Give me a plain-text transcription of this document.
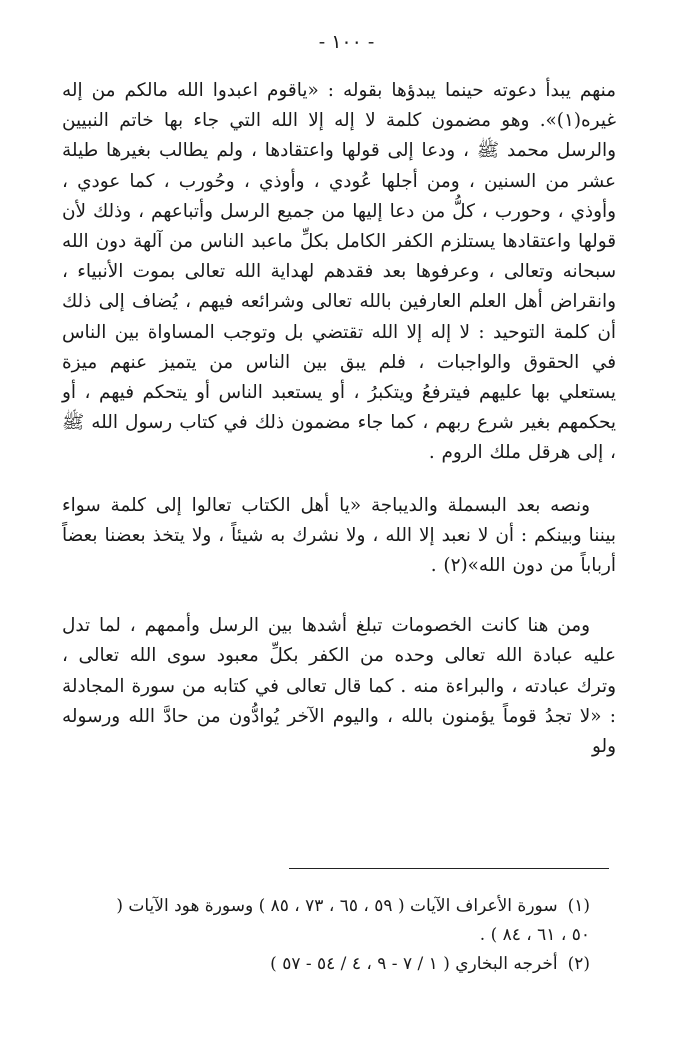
- ١٠٠ -

منهم يبدأ دعوته حينما يبدؤها بقوله : «ياقوم اعبدوا الله مالكم من إله غيره(١)». وهو مضمون كلمة لا إله إلا الله التي جاء بها خاتم النبيين والرسل محمد ﷺ ، ودعا إلى قولها واعتقادها ، ولم يطالب بغيرها طيلة عشر من السنين ، ومن أجلها عُودي ، وأوذي ، وحُورب ، كما عودي ، وأوذي ، وحورب ، كلُّ من دعا إليها من جميع الرسل وأتباعهم ، وذلك لأن قولها واعتقادها يستلزم الكفر الكامل بكلِّ ماعبد الناس من آلهة دون الله سبحانه وتعالى ، وعرفوها بعد فقدهم لهداية الله تعالى بموت الأنبياء ، وانقراض أهل العلم العارفين بالله تعالى وشرائعه فيهم ، يُضاف إلى ذلك أن كلمة التوحيد : لا إله إلا الله تقتضي بل وتوجب المساواة بين الناس في الحقوق والواجبات ، فلم يبق بين الناس من يتميز عنهم ميزة يستعلي بها عليهم فيترفعُ ويتكبرُ ، أو يستعبد الناس أو يتحكم فيهم ، أو يحكمهم بغير شرع ربهم ، كما جاء مضمون ذلك في كتاب رسول الله ﷺ ، إلى هرقل ملك الروم .

ونصه بعد البسملة والديباجة «يا أهل الكتاب تعالوا إلى كلمة سواء بيننا وبينكم : أن لا نعبد إلا الله ، ولا نشرك به شيئاً ، ولا يتخذ بعضنا بعضاً أرباباً من دون الله»(٢) .

ومن هنا كانت الخصومات تبلغ أشدها بين الرسل وأممهم ، لما تدل عليه عبادة الله تعالى وحده من الكفر بكلِّ معبود سوى الله تعالى ، وترك عبادته ، والبراءة منه . كما قال تعالى في كتابه من سورة المجادلة : «لا تجدُ قوماً يؤمنون بالله ، واليوم الآخر يُوادُّون من حادَّ الله ورسوله ولو

(١)سورة الأعراف الآيات ( ٥٩ ، ٦٥ ، ٧٣ ، ٨٥ ) وسورة هود الآيات ( ٥٠ ، ٦١ ، ٨٤ ) .

(٢)أخرجه البخاري ( ١ / ٧ - ٩ ، ٤ / ٥٤ - ٥٧ )
